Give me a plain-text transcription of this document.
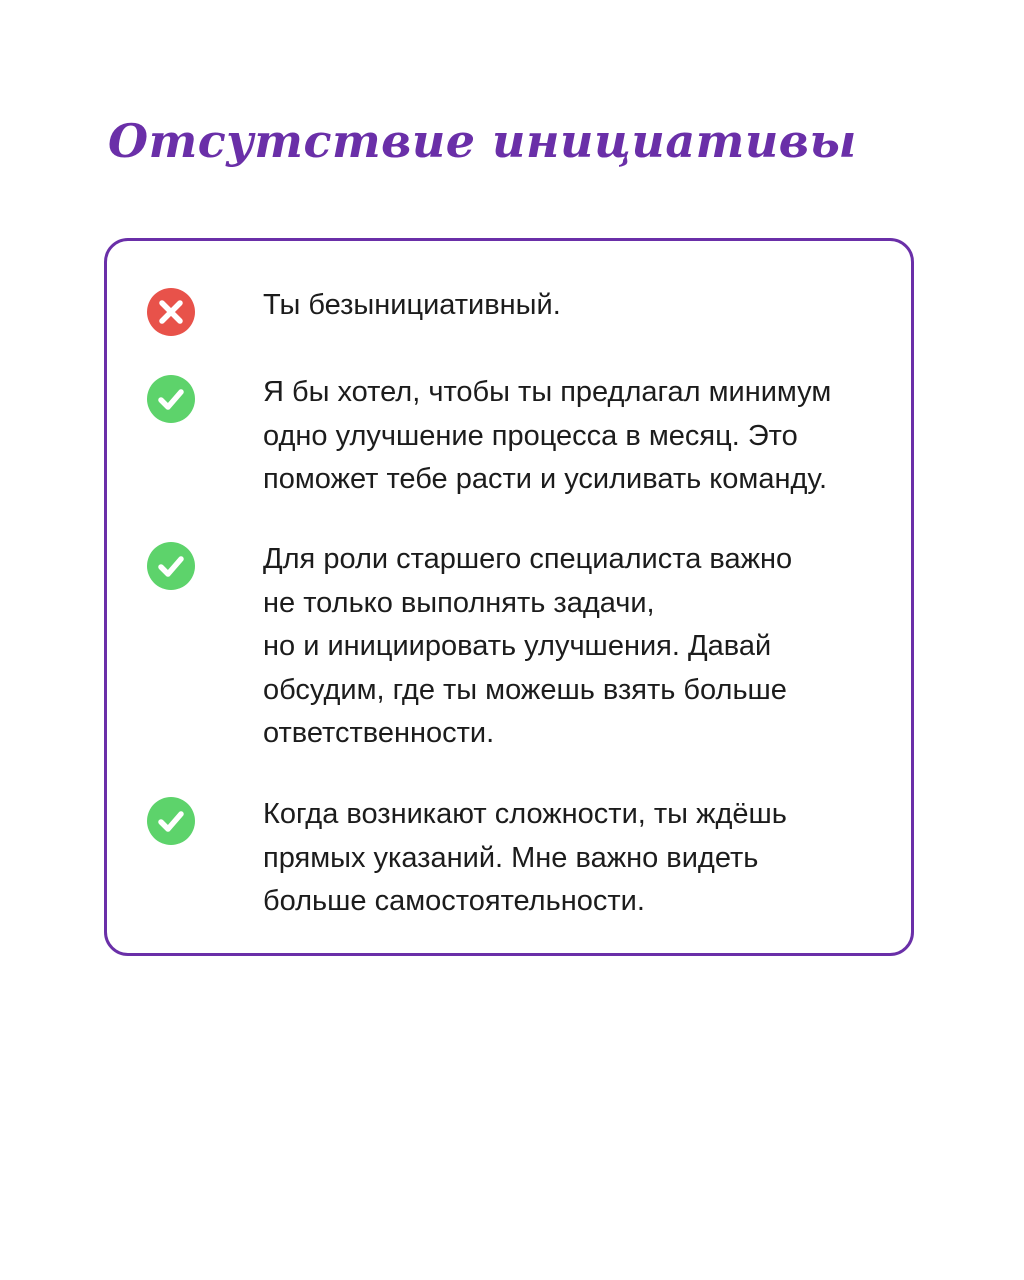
Отсутствие инициативы
Ты безынициативный.
Я бы хотел, чтобы ты предлагал минимум
одно улучшение процесса в месяц. Это
поможет тебе расти и усиливать команду.
Для роли старшего специалиста важно
не только выполнять задачи,
но и инициировать улучшения. Давай
обсудим, где ты можешь взять больше
ответственности.
Когда возникают сложности, ты ждёшь
прямых указаний. Мне важно видеть
больше самостоятельности.
